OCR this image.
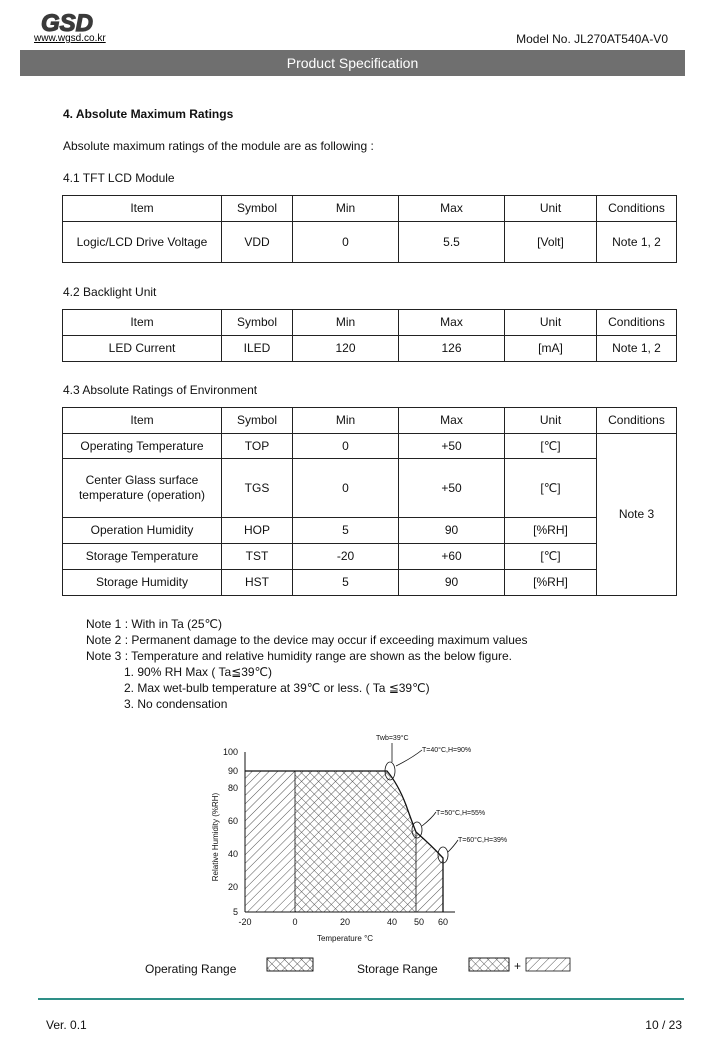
GSD
www.wgsd.co.kr	Model No. JL270AT540A-V0
Product Specification
4. Absolute Maximum Ratings
Absolute maximum ratings of the module are as following :
4.1 TFT LCD Module
Item	Symbol	Min	Max	Unit	Conditions
Logic/LCD Drive Voltage	VDD	0	5.5	[Volt]	Note 1, 2
4.2 Backlight Unit
Item	Symbol	Min	Max	Unit	Conditions
LED Current	ILED	120	126	[mA]	Note 1, 2
4.3 Absolute Ratings of Environment
Item	Symbol	Min	Max	Unit	Conditions
Operating Temperature	TOP	0	+50	[℃]	Note 3
Center Glass surface temperature (operation)	TGS	0	+50	[℃]	
Operation Humidity	HOP	5	90	[%RH]	
Storage Temperature	TST	-20	+60	[℃]	
Storage Humidity	HST	5	90	[%RH]	
Note 1 : With in Ta (25℃)
Note 2 : Permanent damage to the device may occur if exceeding maximum values
Note 3 : Temperature and relative humidity range are shown as the below figure.
1. 90% RH Max ( Ta≦39℃)
2. Max wet-bulb temperature at 39℃ or less. ( Ta ≦39℃)
3. No condensation
100
90
80
60
40
20
5
-20	0	20	40 50 60
Relative Humidity (%RH)
Temperature °C
Twb=39°C
T=40°C,H=90%
T=50°C,H=55%
T=60°C,H=39%
Operating Range	Storage Range	+
Ver. 0.1	10 / 23
